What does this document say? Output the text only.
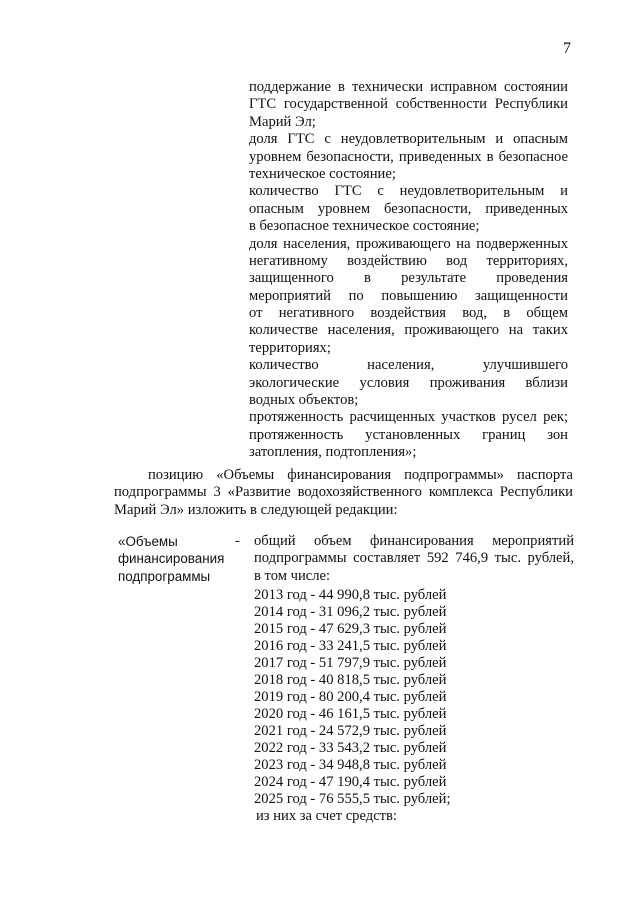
7
поддержание в технически исправном состоянии
ГТС государственной собственности Республики
Марий Эл;
доля ГТС с неудовлетворительным и опасным
уровнем безопасности, приведенных в безопасное
техническое состояние;
количество ГТС с неудовлетворительным и
опасным уровнем безопасности, приведенных
в безопасное техническое состояние;
доля населения, проживающего на подверженных
негативному воздействию вод территориях,
защищенного в результате проведения
мероприятий по повышению защищенности
от негативного воздействия вод, в общем
количестве населения, проживающего на таких
территориях;
количество населения, улучшившего
экологические условия проживания вблизи
водных объектов;
протяженность расчищенных участков русел рек;
протяженность установленных границ зон
затопления, подтопления»;
позицию «Объемы финансирования подпрограммы» паспорта
подпрограммы 3 «Развитие водохозяйственного комплекса Республики
Марий Эл» изложить в следующей редакции:
«Объемы
финансирования
подпрограммы
- общий объем финансирования мероприятий
подпрограммы составляет 592 746,9 тыс. рублей,
в том числе:
2013 год - 44 990,8 тыс. рублей
2014 год - 31 096,2 тыс. рублей
2015 год - 47 629,3 тыс. рублей
2016 год - 33 241,5 тыс. рублей
2017 год - 51 797,9 тыс. рублей
2018 год - 40 818,5 тыс. рублей
2019 год - 80 200,4 тыс. рублей
2020 год - 46 161,5 тыс. рублей
2021 год - 24 572,9 тыс. рублей
2022 год - 33 543,2 тыс. рублей
2023 год - 34 948,8 тыс. рублей
2024 год - 47 190,4 тыс. рублей
2025 год - 76 555,5 тыс. рублей;
из них за счет средств:
